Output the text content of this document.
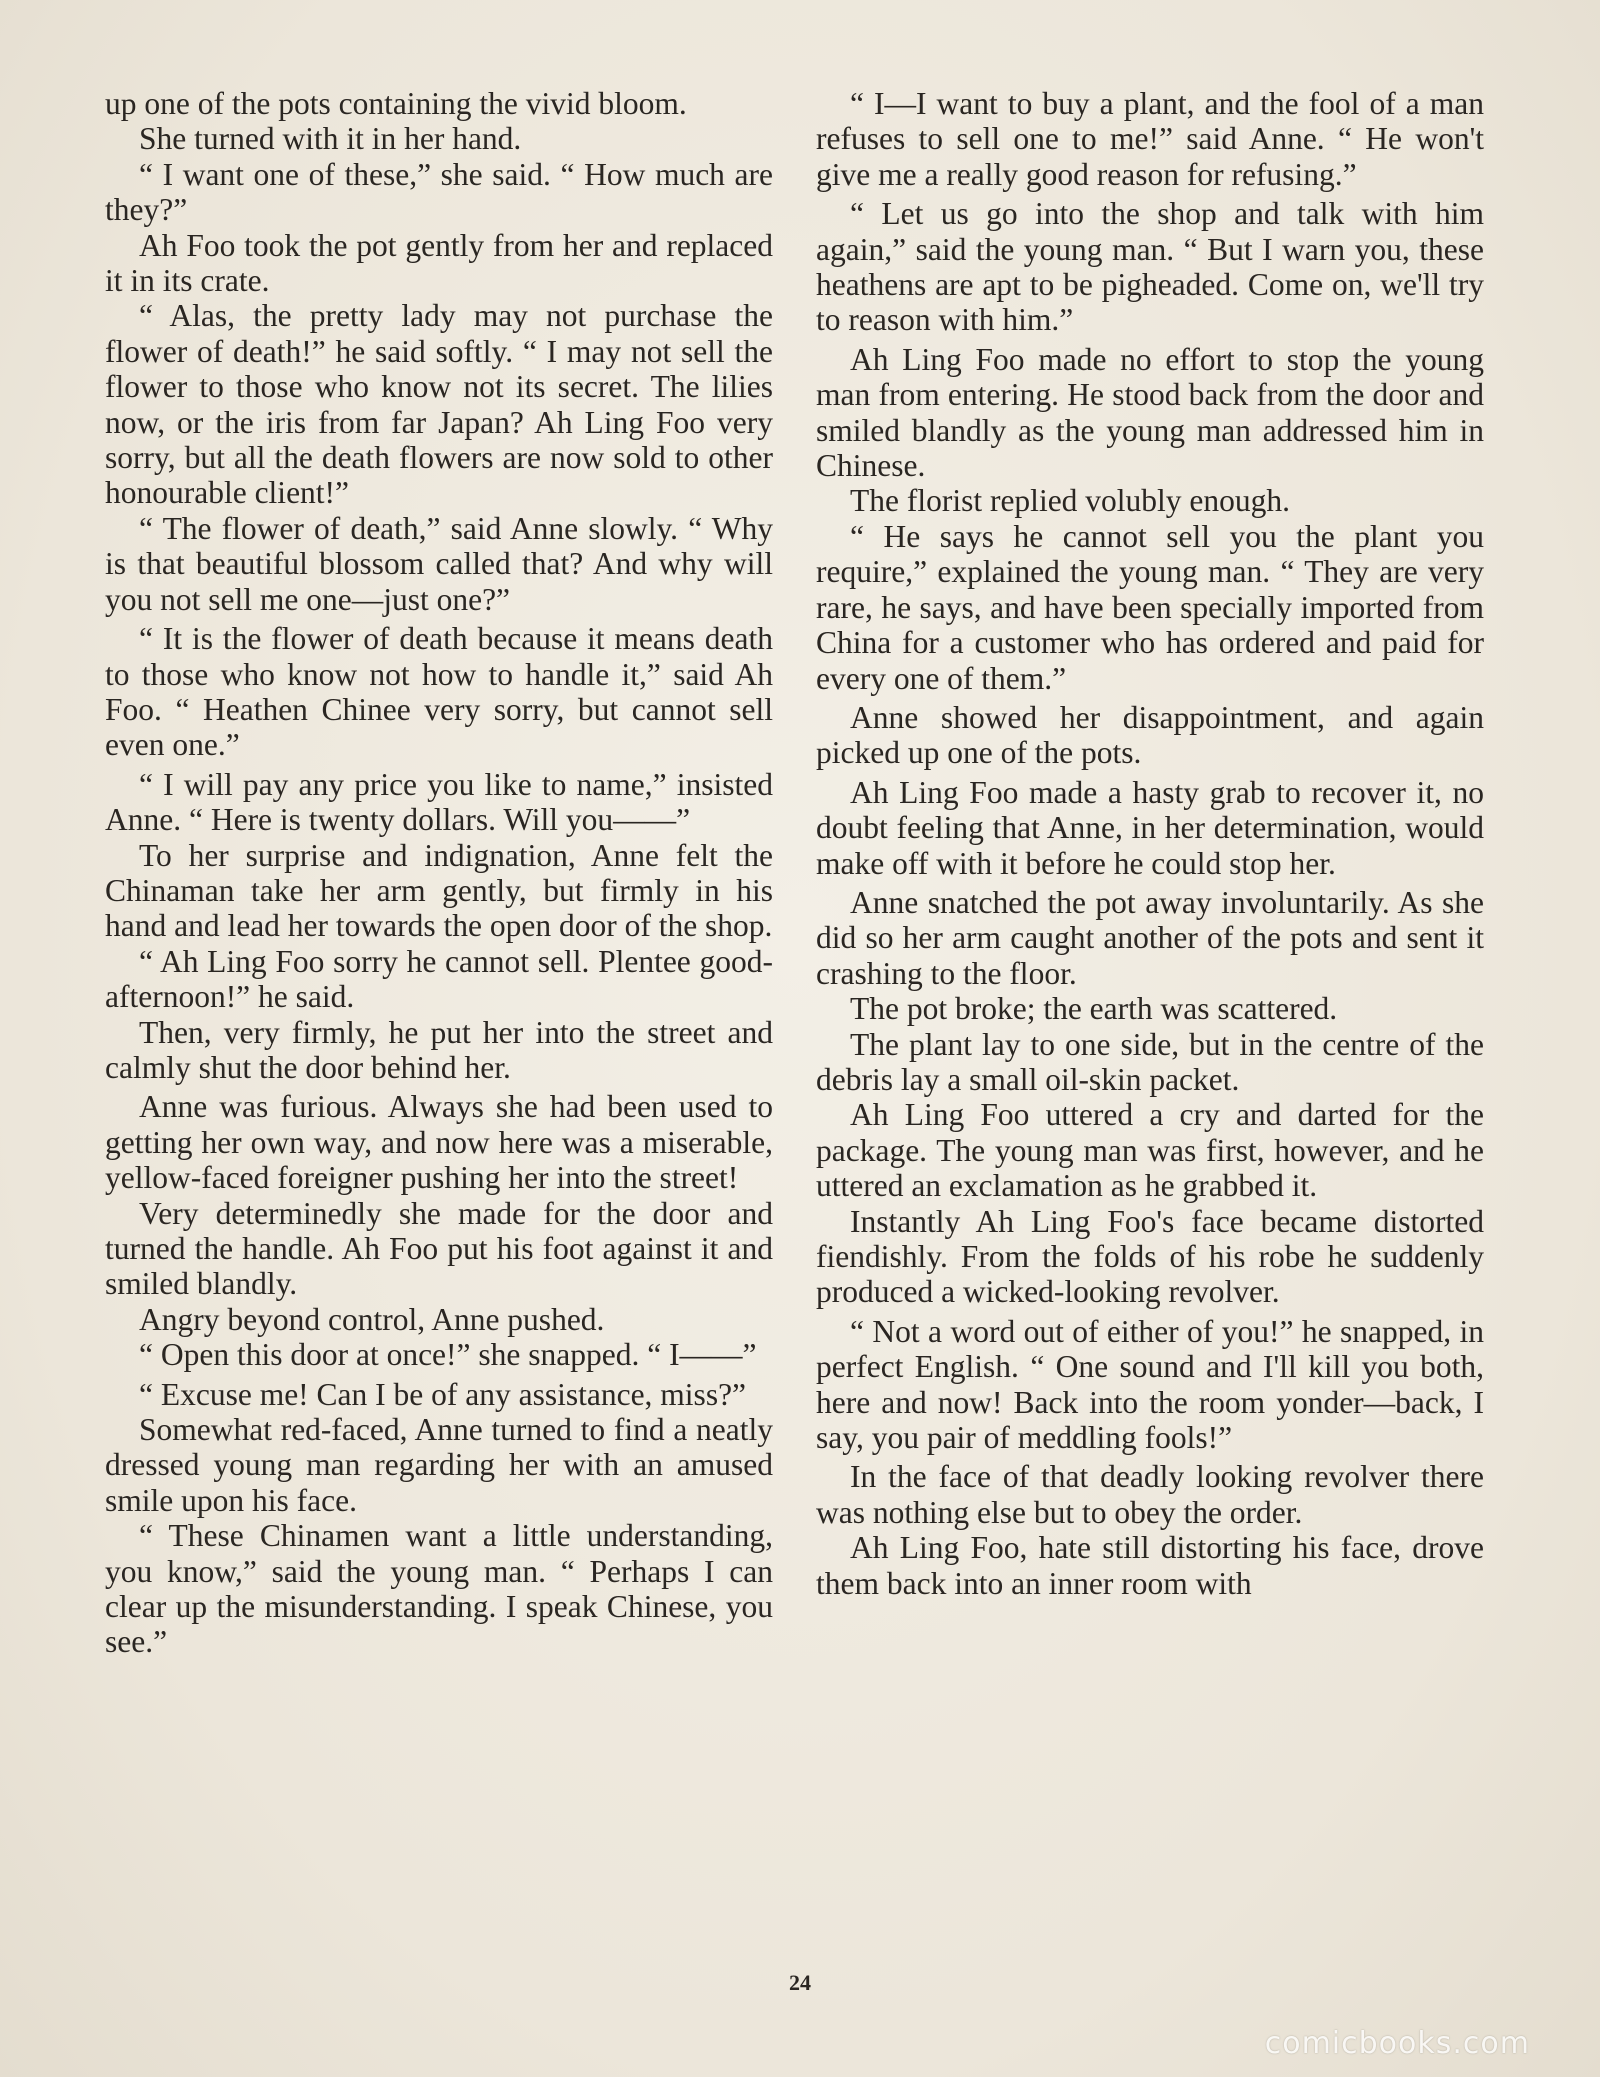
up one of the pots containing the vivid bloom.

She turned with it in her hand.

“ I want one of these,” she said. “ How much are they?”

Ah Foo took the pot gently from her and replaced it in its crate.

“ Alas, the pretty lady may not purchase the flower of death!” he said softly. “ I may not sell the flower to those who know not its secret. The lilies now, or the iris from far Japan? Ah Ling Foo very sorry, but all the death flowers are now sold to other honourable client!”

“ The flower of death,” said Anne slowly. “ Why is that beautiful blossom called that? And why will you not sell me one—just one?”

“ It is the flower of death because it means death to those who know not how to handle it,” said Ah Foo. “ Heathen Chinee very sorry, but cannot sell even one.”

“ I will pay any price you like to name,” insisted Anne. “ Here is twenty dollars. Will you——”

To her surprise and indignation, Anne felt the Chinaman take her arm gently, but firmly in his hand and lead her towards the open door of the shop.

“ Ah Ling Foo sorry he cannot sell. Plentee good-afternoon!” he said.

Then, very firmly, he put her into the street and calmly shut the door behind her.

Anne was furious. Always she had been used to getting her own way, and now here was a miserable, yellow-faced foreigner pushing her into the street!

Very determinedly she made for the door and turned the handle. Ah Foo put his foot against it and smiled blandly.

Angry beyond control, Anne pushed.

“ Open this door at once!” she snapped. “ I——”

“ Excuse me! Can I be of any assistance, miss?”

Somewhat red-faced, Anne turned to find a neatly dressed young man regarding her with an amused smile upon his face.

“ These Chinamen want a little understanding, you know,” said the young man. “ Perhaps I can clear up the misunderstanding. I speak Chinese, you see.”

“ I—I want to buy a plant, and the fool of a man refuses to sell one to me!” said Anne. “ He won't give me a really good reason for refusing.”

“ Let us go into the shop and talk with him again,” said the young man. “ But I warn you, these heathens are apt to be pigheaded. Come on, we'll try to reason with him.”

Ah Ling Foo made no effort to stop the young man from entering. He stood back from the door and smiled blandly as the young man addressed him in Chinese.

The florist replied volubly enough.

“ He says he cannot sell you the plant you require,” explained the young man. “ They are very rare, he says, and have been specially imported from China for a customer who has ordered and paid for every one of them.”

Anne showed her disappointment, and again picked up one of the pots.

Ah Ling Foo made a hasty grab to recover it, no doubt feeling that Anne, in her determination, would make off with it before he could stop her.

Anne snatched the pot away involuntarily. As she did so her arm caught another of the pots and sent it crashing to the floor.

The pot broke; the earth was scattered.

The plant lay to one side, but in the centre of the debris lay a small oil-skin packet.

Ah Ling Foo uttered a cry and darted for the package. The young man was first, however, and he uttered an exclamation as he grabbed it.

Instantly Ah Ling Foo's face became distorted fiendishly. From the folds of his robe he suddenly produced a wicked-looking revolver.

“ Not a word out of either of you!” he snapped, in perfect English. “ One sound and I'll kill you both, here and now! Back into the room yonder—back, I say, you pair of meddling fools!”

In the face of that deadly looking revolver there was nothing else but to obey the order.

Ah Ling Foo, hate still distorting his face, drove them back into an inner room with

24
comicbooks.com
